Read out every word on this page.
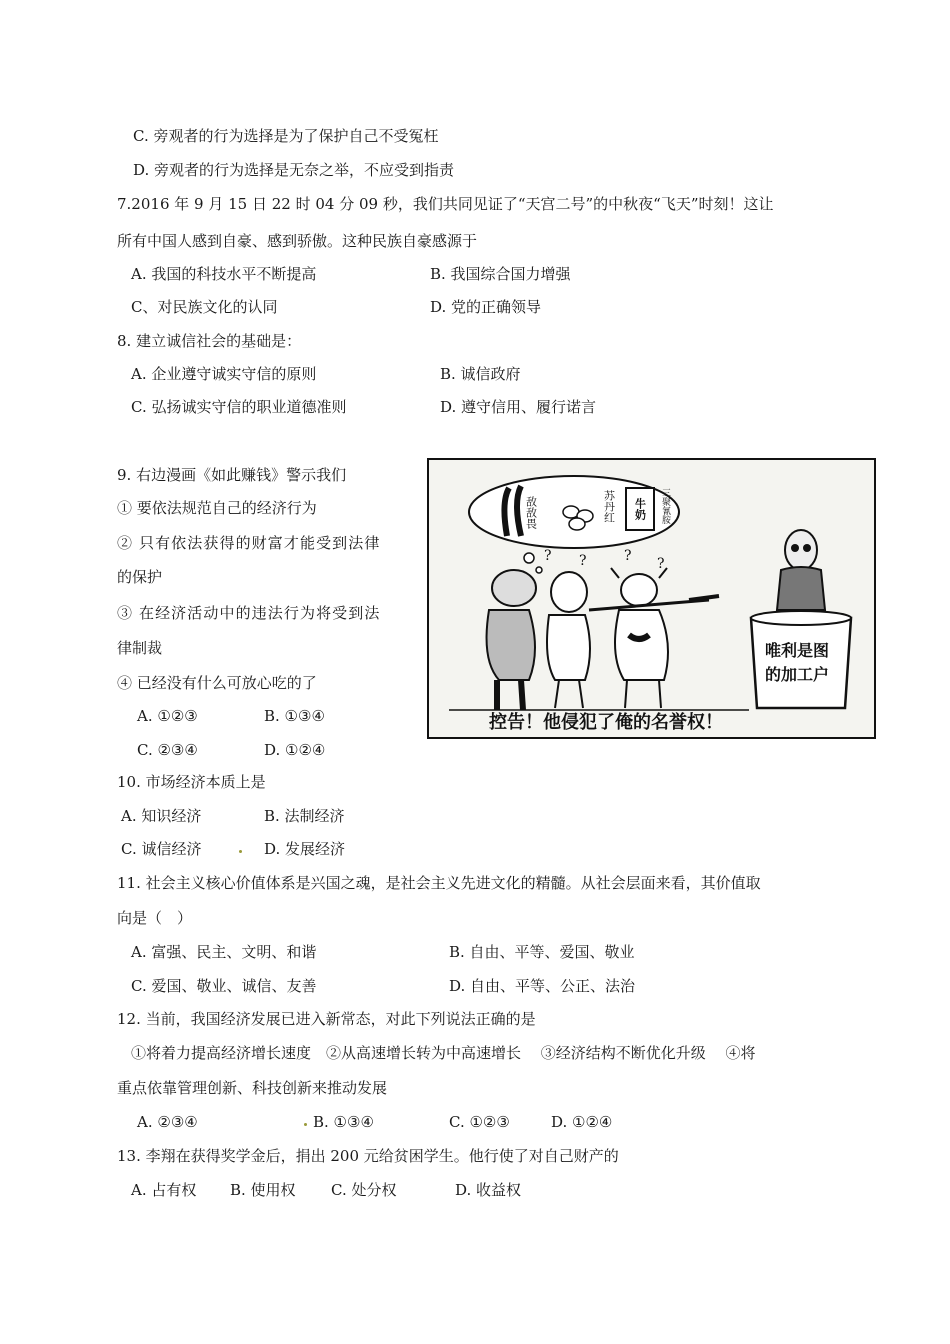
C. 旁观者的行为选择是为了保护自己不受冤枉
D. 旁观者的行为选择是无奈之举，不应受到指责
7.2016 年 9 月 15 日 22 时 04 分 09 秒，我们共同见证了“天宫二号”的中秋夜“飞天”时刻！这让
所有中国人感到自豪、感到骄傲。这种民族自豪感源于
A. 我国的科技水平不断提高	B. 我国综合国力增强
C、对民族文化的认同	D. 党的正确领导
8. 建立诚信社会的基础是：
A. 企业遵守诚实守信的原则	B. 诚信政府
C. 弘扬诚实守信的职业道德准则	D. 遵守信用、履行诺言
9. 右边漫画《如此赚钱》警示我们
① 要依法规范自己的经济行为
② 只有依法获得的财富才能受到法律
的保护
③ 在经济活动中的违法行为将受到法
律制裁
④ 已经没有什么可放心吃的了
A. ①②③	B. ①③④
C. ②③④	D. ①②④
敌敌畏	苏丹红 牛奶 三聚氰胺
? ?	? ?
唯利是图
的加工户
控告！他侵犯了俺的名誉权！
10. 市场经济本质上是
A. 知识经济	B. 法制经济
C. 诚信经济	D. 发展经济
11. 社会主义核心价值体系是兴国之魂，是社会主义先进文化的精髓。从社会层面来看，其价值取
向是（　）
A. 富强、民主、文明、和谐	B. 自由、平等、爱国、敬业
C. 爱国、敬业、诚信、友善	D. 自由、平等、公正、法治
12. 当前，我国经济发展已进入新常态，对此下列说法正确的是
①将着力提高经济增长速度　②从高速增长转为中高速增长　 ③经济结构不断优化升级　 ④将
重点依靠管理创新、科技创新来推动发展
A. ②③④	B. ①③④	C. ①②③	D. ①②④
13. 李翔在获得奖学金后，捐出 200 元给贫困学生。他行使了对自己财产的
A. 占有权 B. 使用权 C. 处分权	D. 收益权
